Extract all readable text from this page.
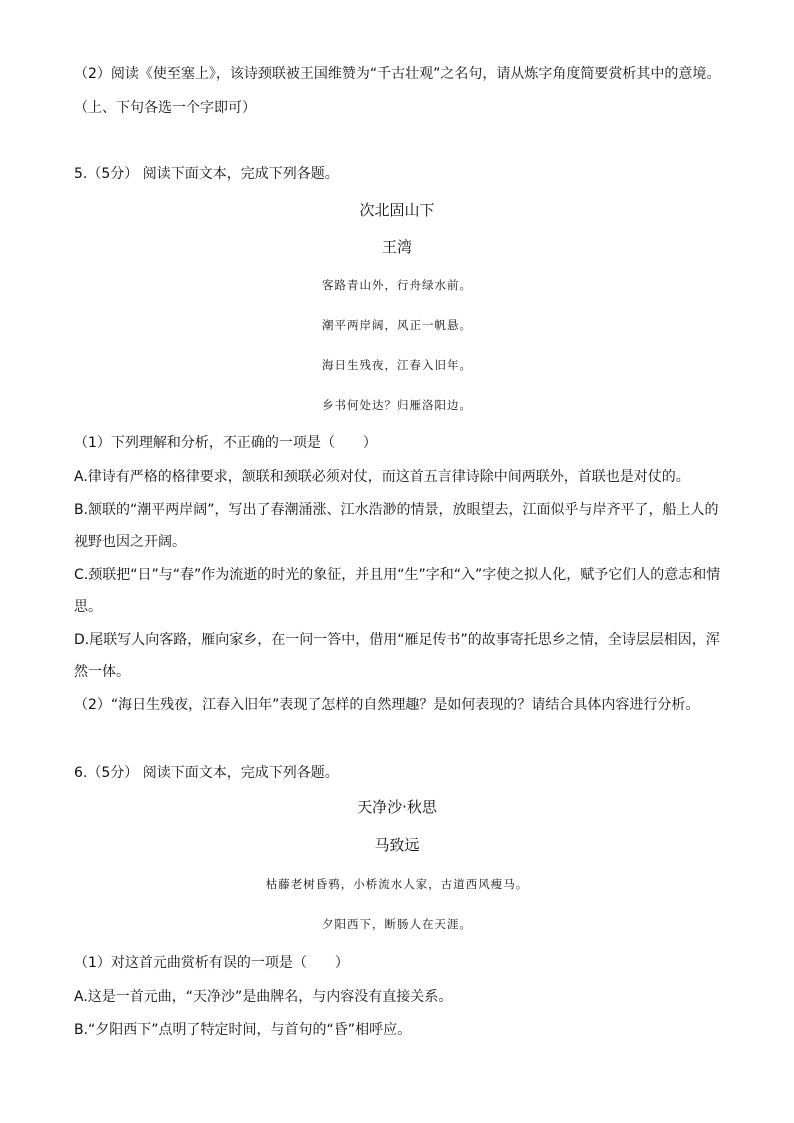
（2）阅读《使至塞上》，该诗颈联被王国维赞为“千古壮观”之名句，请从炼字角度简要赏析其中的意境。
（上、下句各选一个字即可）
5.（5分） 阅读下面文本，完成下列各题。
次北固山下
王湾
客路青山外，行舟绿水前。
潮平两岸阔，风正一帆悬。
海日生残夜，江春入旧年。
乡书何处达？归雁洛阳边。
（1）下列理解和分析，不正确的一项是（　　）
A.律诗有严格的格律要求，颔联和颈联必须对仗，而这首五言律诗除中间两联外，首联也是对仗的。
B.颔联的“潮平两岸阔”，写出了春潮涌涨、江水浩渺的情景，放眼望去，江面似乎与岸齐平了，船上人的
视野也因之开阔。
C.颈联把“日”与“春”作为流逝的时光的象征，并且用“生”字和“入”字使之拟人化，赋予它们人的意志和情
思。
D.尾联写人向客路，雁向家乡，在一问一答中，借用“雁足传书”的故事寄托思乡之情，全诗层层相因，浑
然一体。
（2）“海日生残夜，江春入旧年”表现了怎样的自然理趣？是如何表现的？请结合具体内容进行分析。
6.（5分） 阅读下面文本，完成下列各题。
天净沙·秋思
马致远
枯藤老树昏鸦，小桥流水人家，古道西风瘦马。
夕阳西下，断肠人在天涯。
（1）对这首元曲赏析有误的一项是（　　）
A.这是一首元曲，“天净沙”是曲牌名，与内容没有直接关系。
B.“夕阳西下”点明了特定时间，与首句的“昏”相呼应。
